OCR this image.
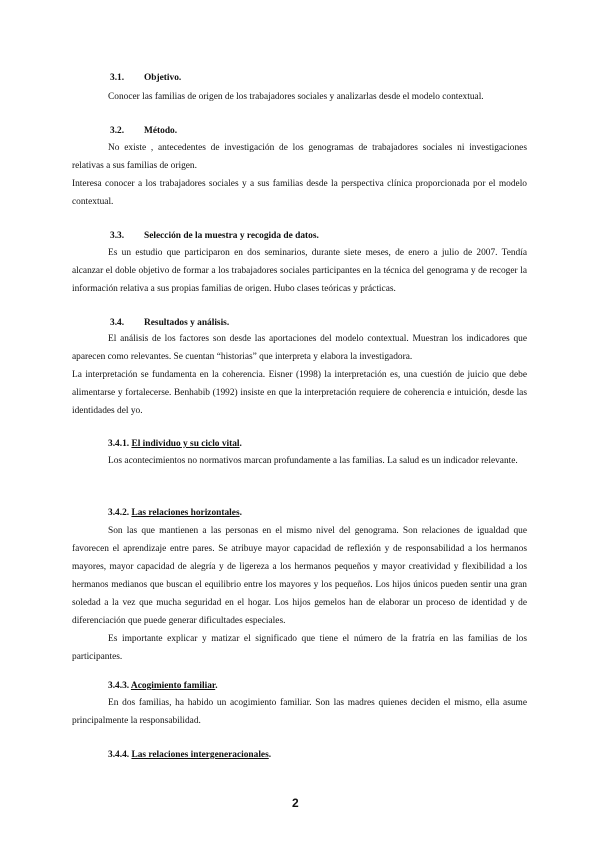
3.1. Objetivo.

Conocer las familias de origen de los trabajadores sociales y analizarlas desde el modelo contextual.

3.2. Método.

No existe , antecedentes de investigación de los genogramas de trabajadores sociales ni investigaciones relativas a sus familias de origen.

Interesa conocer a los trabajadores sociales y a sus familias desde la perspectiva clínica proporcionada por el modelo contextual.

3.3. Selección de la muestra y recogida de datos.

Es un estudio que participaron en dos seminarios, durante siete meses, de enero a julio de 2007. Tendía alcanzar el doble objetivo de formar a los trabajadores sociales participantes en la técnica del genograma y de recoger la información relativa a sus propias familias de origen. Hubo clases teóricas y prácticas.

3.4. Resultados y análisis.

El análisis de los factores son desde las aportaciones del modelo contextual. Muestran los indicadores que aparecen como relevantes. Se cuentan “historias” que interpreta y elabora la investigadora.

La interpretación se fundamenta en la coherencia. Eisner (1998) la interpretación es, una cuestión de juicio que debe alimentarse y fortalecerse. Benhabib (1992) insiste en que la interpretación requiere de coherencia e intuición, desde las identidades del yo.

3.4.1. El individuo y su ciclo vital.

Los acontecimientos no normativos marcan profundamente a las familias. La salud es un indicador relevante.

3.4.2. Las relaciones horizontales.

Son las que mantienen a las personas en el mismo nivel del genograma. Son relaciones de igualdad que favorecen el aprendizaje entre pares. Se atribuye mayor capacidad de reflexión y de responsabilidad a los hermanos mayores, mayor capacidad de alegría y de ligereza a los hermanos pequeños y mayor creatividad y flexibilidad a los hermanos medianos que buscan el equilibrio entre los mayores y los pequeños. Los hijos únicos pueden sentir una gran soledad a la vez que mucha seguridad en el hogar. Los hijos gemelos han de elaborar un proceso de identidad y de diferenciación que puede generar dificultades especiales.

Es importante explicar y matizar el significado que tiene el número de la fratría en las familias de los participantes.

3.4.3. Acogimiento familiar.

En dos familias, ha habido un acogimiento familiar. Son las madres quienes deciden el mismo, ella asume principalmente la responsabilidad.

3.4.4. Las relaciones intergeneracionales.
2
